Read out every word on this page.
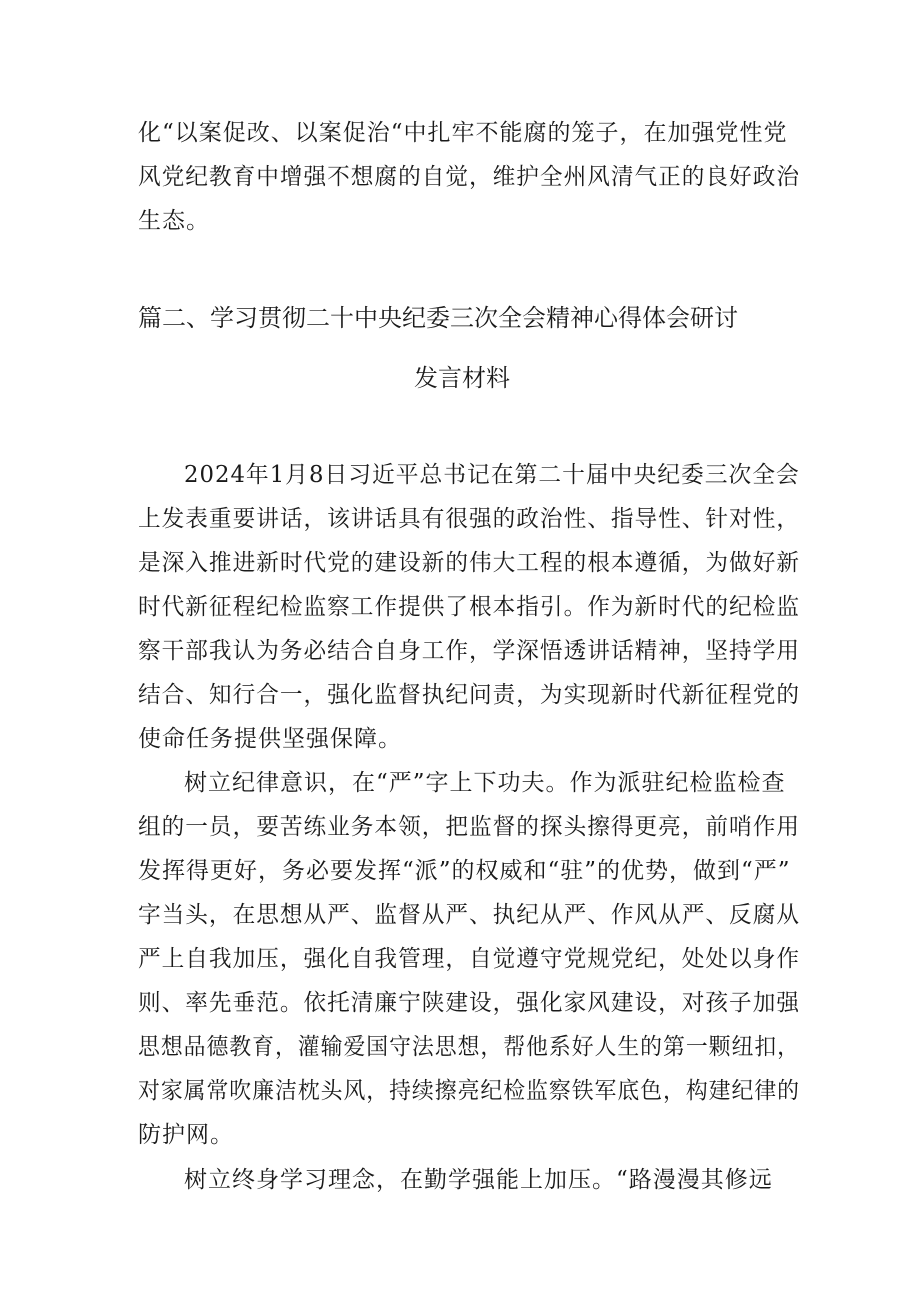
化“以案促改、以案促治“中扎牢不能腐的笼子，在加强党性党
风党纪教育中增强不想腐的自觉，维护全州风清气正的良好政治
生态。
篇二、学习贯彻二十中央纪委三次全会精神心得体会研讨
发言材料
2024年1月8日习近平总书记在第二十届中央纪委三次全会
上发表重要讲话，该讲话具有很强的政治性、指导性、针对性，
是深入推进新时代党的建设新的伟大工程的根本遵循，为做好新
时代新征程纪检监察工作提供了根本指引。作为新时代的纪检监
察干部我认为务必结合自身工作，学深悟透讲话精神，坚持学用
结合、知行合一，强化监督执纪问责，为实现新时代新征程党的
使命任务提供坚强保障。
树立纪律意识，在“严”字上下功夫。作为派驻纪检监检查
组的一员，要苦练业务本领，把监督的探头擦得更亮，前哨作用
发挥得更好，务必要发挥“派”的权威和“驻”的优势，做到“严”
字当头，在思想从严、监督从严、执纪从严、作风从严、反腐从
严上自我加压，强化自我管理，自觉遵守党规党纪，处处以身作
则、率先垂范。依托清廉宁陕建设，强化家风建设，对孩子加强
思想品德教育，灌输爱国守法思想，帮他系好人生的第一颗纽扣，
对家属常吹廉洁枕头风，持续擦亮纪检监察铁军底色，构建纪律的
防护网。
树立终身学习理念，在勤学强能上加压。“路漫漫其修远
